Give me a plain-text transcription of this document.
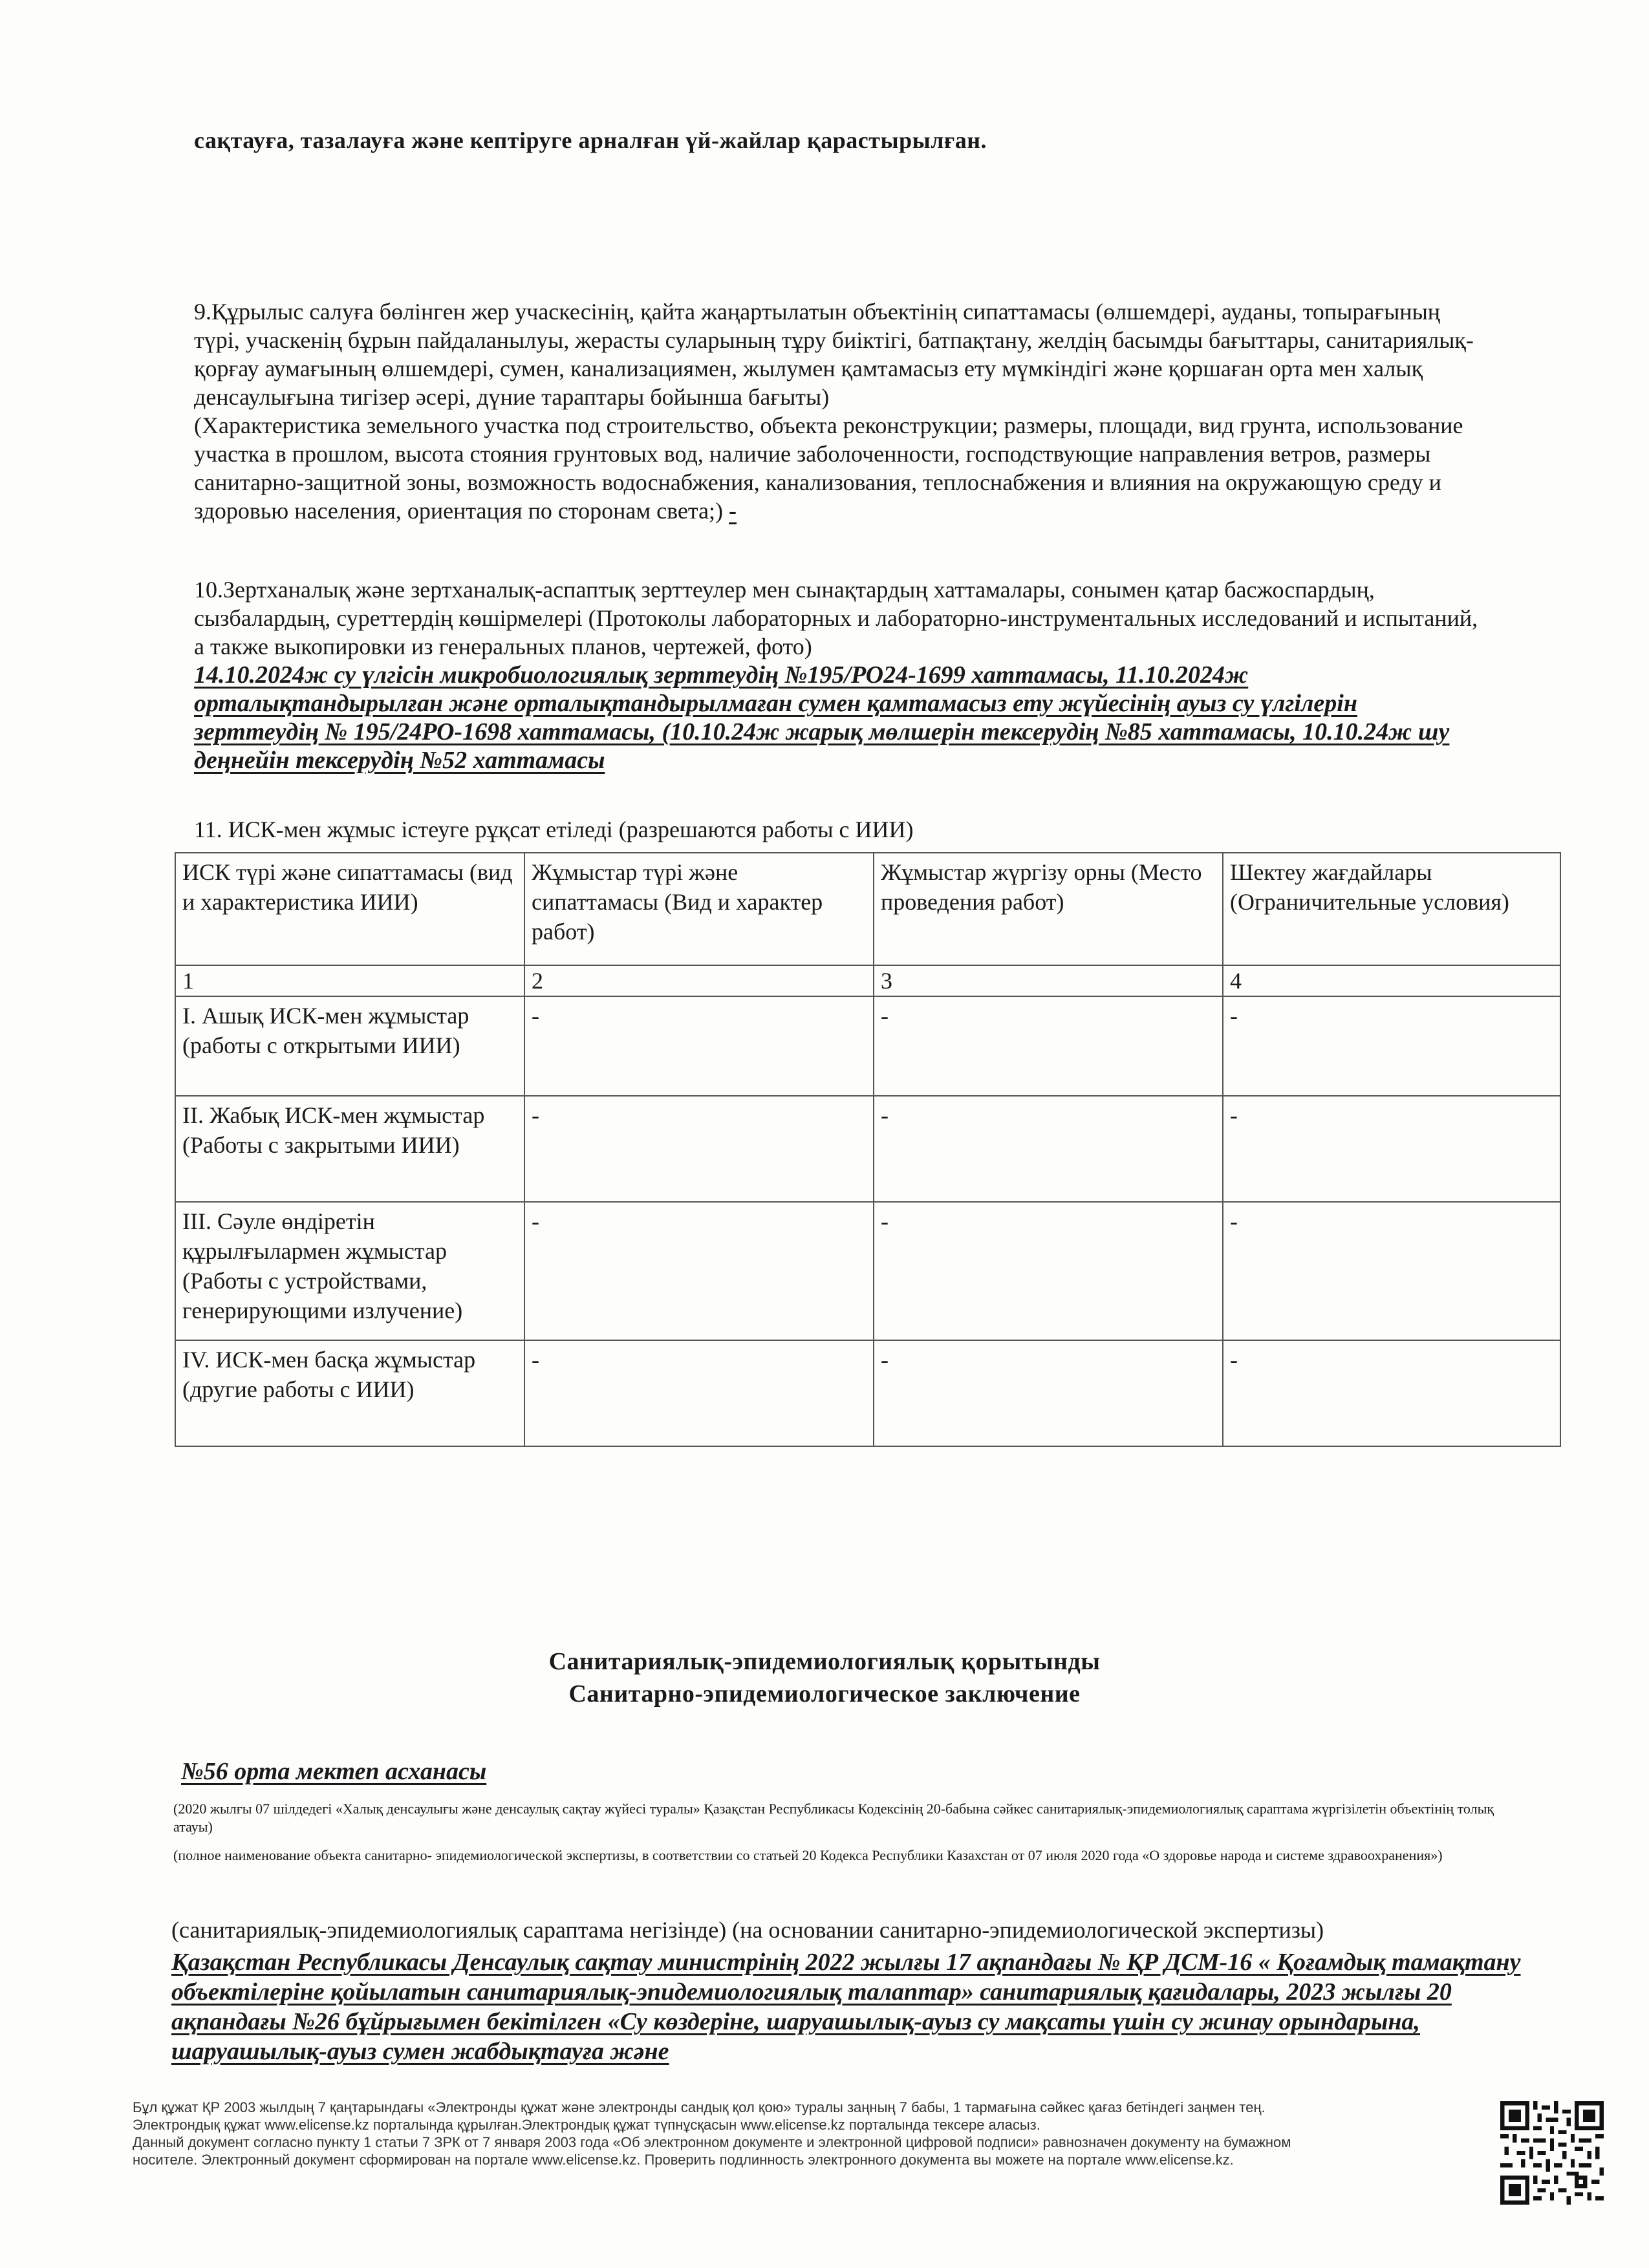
сақтауға, тазалауға және кептіруге арналған үй-жайлар қарастырылған.

9.Құрылыс салуға бөлінген жер учаскесінің, қайта жаңартылатын объектінің сипаттамасы (өлшемдері, ауданы, топырағының түрі, учаскенің бұрын пайдаланылуы, жерасты суларының тұру биіктігі, батпақтану, желдің басымды бағыттары, санитариялық-қорғау аумағының өлшемдері, сумен, канализациямен, жылумен қамтамасыз ету мүмкіндігі және қоршаған орта мен халық денсаулығына тигізер әсері, дүние тараптары бойынша бағыты)

(Характеристика земельного участка под строительство, объекта реконструкции; размеры, площади, вид грунта, использование участка в прошлом, высота стояния грунтовых вод, наличие заболоченности, господствующие направления ветров, размеры санитарно-защитной зоны, возможность водоснабжения, канализования, теплоснабжения и влияния на окружающую среду и здоровью населения, ориентация по сторонам света;) -

10.Зертханалық және зертханалық-аспаптық зерттеулер мен сынақтардың хаттамалары, сонымен қатар басжоспардың, сызбалардың, суреттердің көшірмелері (Протоколы лабораторных и лабораторно-инструментальных исследований и испытаний, а также выкопировки из генеральных планов, чертежей, фото)

14.10.2024ж су үлгісін микробиологиялық зерттеудің №195/РО24-1699 хаттамасы, 11.10.2024ж орталықтандырылған және орталықтандырылмаған сумен қамтамасыз ету жүйесінің ауыз су үлгілерін зерттеудің № 195/24РО-1698 хаттамасы, (10.10.24ж жарық мөлшерін тексерудің №85 хаттамасы, 10.10.24ж шу деңнейін тексерудің №52 хаттамасы

11. ИСК-мен жұмыс істеуге рұқсат етіледі (разрешаются работы с ИИИ)
ИСК түрі және сипаттамасы (вид и характеристика ИИИ)	Жұмыстар түрі және сипаттамасы (Вид и характер работ)	Жұмыстар жүргізу орны (Место проведения работ)	Шектеу жағдайлары (Ограничительные условия)
1	2	3	4
I. Ашық ИСК-мен жұмыстар (работы с открытыми ИИИ)	-	-	-
II. Жабық ИСК-мен жұмыстар (Работы с закрытыми ИИИ)	-	-	-
III. Сәуле өндіретін құрылғылармен жұмыстар (Работы с устройствами, генерирующими излучение)	-	-	-
IV. ИСК-мен басқа жұмыстар (другие работы с ИИИ)	-	-	-
Санитариялық-эпидемиологиялық қорытынды
Санитарно-эпидемиологическое заключение
№56 орта мектеп асханасы
(2020 жылғы 07 шілдедегі «Халық денсаулығы және денсаулық сақтау жүйесі туралы» Қазақстан Республикасы Кодексінің 20-бабына сәйкес санитариялық-эпидемиологиялық сараптама жүргізілетін объектінің толық атауы)
(полное наименование объекта санитарно- эпидемиологической экспертизы, в соответствии со статьей 20 Кодекса Республики Казахстан от 07 июля 2020 года «О здоровье народа и системе здравоохранения»)
(санитариялық-эпидемиологиялық сараптама негізінде) (на основании санитарно-эпидемиологической экспертизы)
Қазақстан Республикасы Денсаулық сақтау министрінің 2022 жылғы 17 ақпандағы № ҚР ДСМ-16 « Қоғамдық тамақтану объектілеріне қойылатын санитариялық-эпидемиологиялық талаптар» санитариялық қағидалары, 2023 жылғы 20 ақпандағы №26 бұйрығымен бекітілген «Су көздеріне, шаруашылық-ауыз су мақсаты үшін су жинау орындарына, шаруашылық-ауыз сумен жабдықтауға және

Бұл құжат ҚР 2003 жылдың 7 қаңтарындағы «Электронды құжат және электронды сандық қол қою» туралы заңның 7 бабы, 1 тармағына сәйкес қағаз бетіндегі заңмен тең.

Электрондық құжат www.elicense.kz порталында құрылған.Электрондық құжат түпнұсқасын www.elicense.kz порталында тексере аласыз.

Данный документ согласно пункту 1 статьи 7 ЗРК от 7 января 2003 года «Об электронном документе и электронной цифровой подписи» равнозначен документу на бумажном

носителе. Электронный документ сформирован на портале www.elicense.kz. Проверить подлинность электронного документа вы можете на портале www.elicense.kz.
